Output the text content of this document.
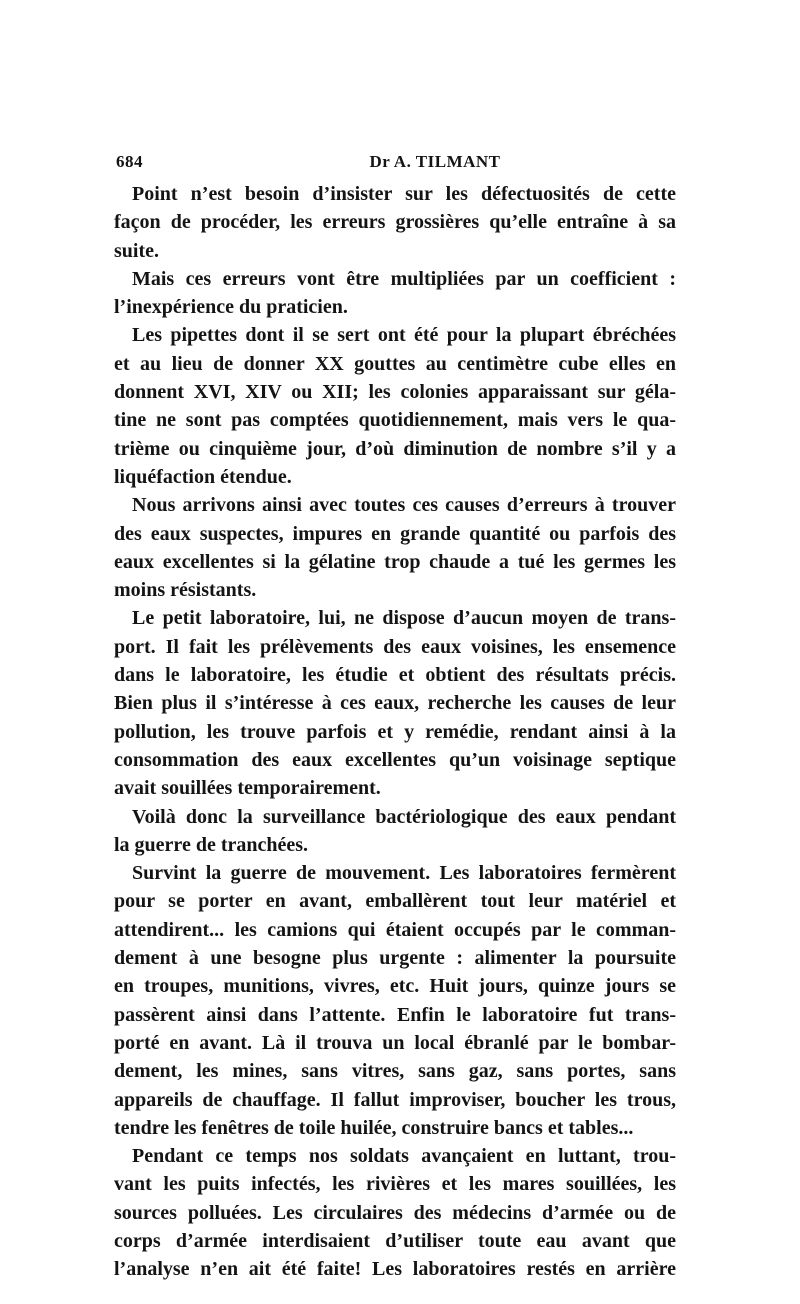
684	Dr A. TILMANT
Point n’est besoin d’insister sur les défectuosités de cette
façon de procéder, les erreurs grossières qu’elle entraîne à sa
suite.
Mais ces erreurs vont être multipliées par un coefficient :
l’inexpérience du praticien.
Les pipettes dont il se sert ont été pour la plupart ébréchées
et au lieu de donner XX gouttes au centimètre cube elles en
donnent XVI, XIV ou XII; les colonies apparaissant sur géla-
tine ne sont pas comptées quotidiennement, mais vers le qua-
trième ou cinquième jour, d’où diminution de nombre s’il y a
liquéfaction étendue.
Nous arrivons ainsi avec toutes ces causes d’erreurs à trouver
des eaux suspectes, impures en grande quantité ou parfois des
eaux excellentes si la gélatine trop chaude a tué les germes les
moins résistants.
Le petit laboratoire, lui, ne dispose d’aucun moyen de trans-
port. Il fait les prélèvements des eaux voisines, les ensemence
dans le laboratoire, les étudie et obtient des résultats précis.
Bien plus il s’intéresse à ces eaux, recherche les causes de leur
pollution, les trouve parfois et y remédie, rendant ainsi à la
consommation des eaux excellentes qu’un voisinage septique
avait souillées temporairement.
Voilà donc la surveillance bactériologique des eaux pendant
la guerre de tranchées.
Survint la guerre de mouvement. Les laboratoires fermèrent
pour se porter en avant, emballèrent tout leur matériel et
attendirent... les camions qui étaient occupés par le comman-
dement à une besogne plus urgente : alimenter la poursuite
en troupes, munitions, vivres, etc. Huit jours, quinze jours se
passèrent ainsi dans l’attente. Enfin le laboratoire fut trans-
porté en avant. Là il trouva un local ébranlé par le bombar-
dement, les mines, sans vitres, sans gaz, sans portes, sans
appareils de chauffage. Il fallut improviser, boucher les trous,
tendre les fenêtres de toile huilée, construire bancs et tables...
Pendant ce temps nos soldats avançaient en luttant, trou-
vant les puits infectés, les rivières et les mares souillées, les
sources polluées. Les circulaires des médecins d’armée ou de
corps d’armée interdisaient d’utiliser toute eau avant que
l’analyse n’en ait été faite! Les laboratoires restés en arrière
